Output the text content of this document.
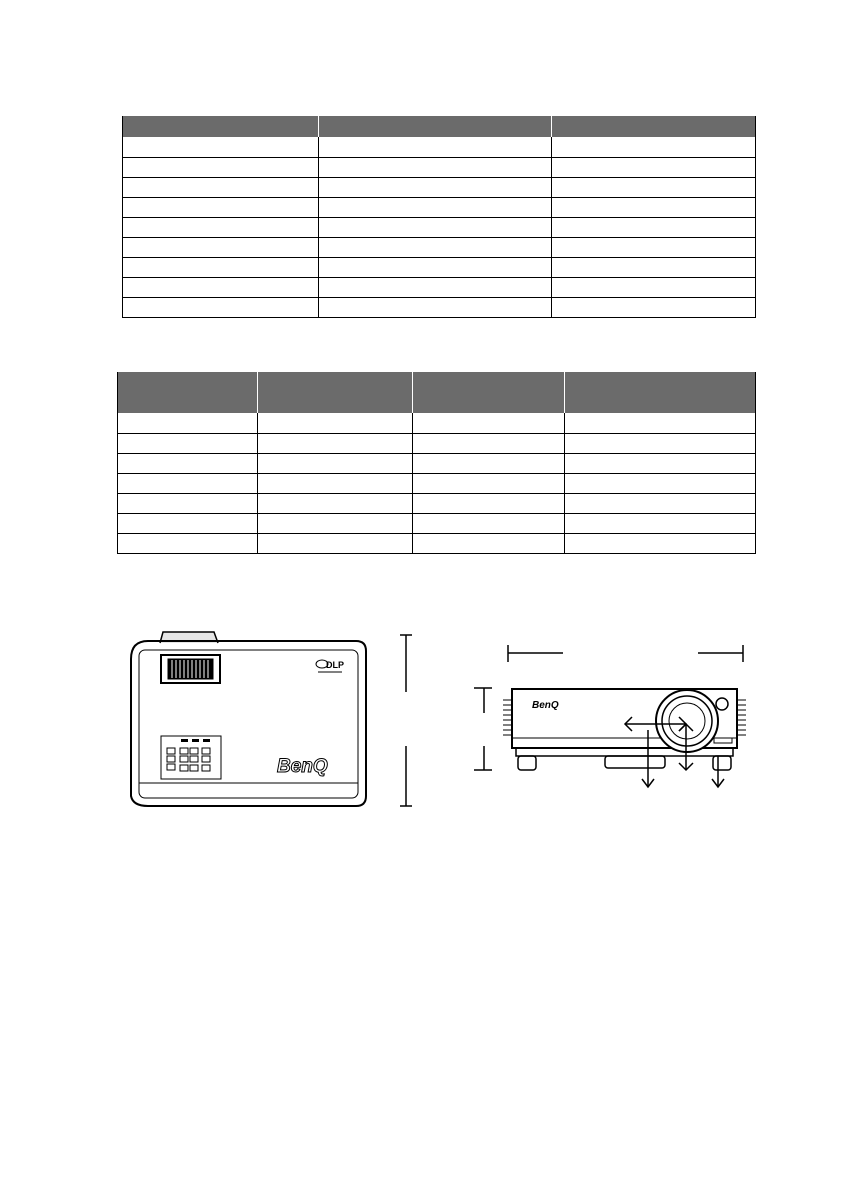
DLP
BenQ
BenQ
